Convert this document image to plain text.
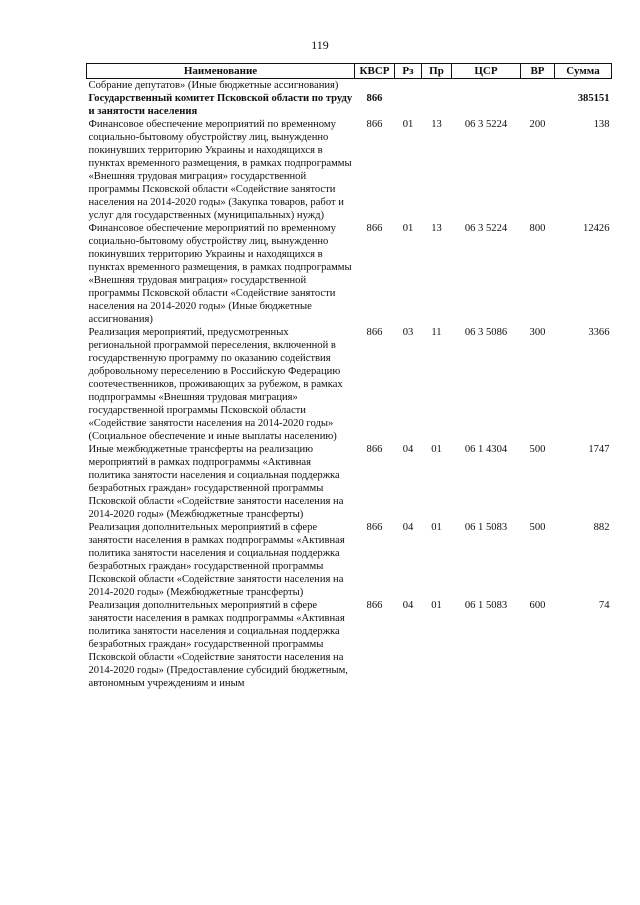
119
Наименование	КВСР	Рз	Пр	ЦСР	ВР	Сумма
Собрание депутатов» (Иные бюджетные ассигнования)						
Государственный комитет Псковской области по труду и занятости населения	866					385151
Финансовое обеспечение мероприятий по временному социально-бытовому обустройству лиц, вынужденно покинувших территорию Украины и находящихся в пунктах временного размещения, в рамках подпрограммы «Внешняя трудовая миграция» государственной программы Псковской области «Содействие занятости населения на 2014-2020 годы» (Закупка товаров, работ и услуг для государственных (муниципальных) нужд)	866	01	13	06 3 5224	200	138
Финансовое обеспечение мероприятий по временному социально-бытовому обустройству лиц, вынужденно покинувших территорию Украины и находящихся в пунктах временного размещения, в рамках подпрограммы «Внешняя трудовая миграция» государственной программы Псковской области «Содействие занятости населения на 2014-2020 годы» (Иные бюджетные ассигнования)	866	01	13	06 3 5224	800	12426
Реализация мероприятий, предусмотренных региональной программой переселения, включенной в государственную программу по оказанию содействия добровольному переселению в Российскую Федерацию соотечественников, проживающих за рубежом, в рамках подпрограммы «Внешняя трудовая миграция» государственной программы Псковской области «Содействие занятости населения на 2014-2020 годы» (Социальное обеспечение и иные выплаты населению)	866	03	11	06 3 5086	300	3366
Иные межбюджетные трансферты на реализацию мероприятий в рамках подпрограммы «Активная политика занятости населения и социальная поддержка безработных граждан» государственной программы Псковской области «Содействие занятости населения на 2014-2020 годы» (Межбюджетные трансферты)	866	04	01	06 1 4304	500	1747
Реализация дополнительных мероприятий в сфере занятости населения в рамках подпрограммы «Активная политика занятости населения и социальная поддержка безработных граждан» государственной программы Псковской области «Содействие занятости населения на 2014-2020 годы» (Межбюджетные трансферты)	866	04	01	06 1 5083	500	882
Реализация дополнительных мероприятий в сфере занятости населения в рамках подпрограммы «Активная политика занятости населения и социальная поддержка безработных граждан» государственной программы Псковской области «Содействие занятости населения на 2014-2020 годы» (Предоставление субсидий бюджетным, автономным учреждениям и иным	866	04	01	06 1 5083	600	74
